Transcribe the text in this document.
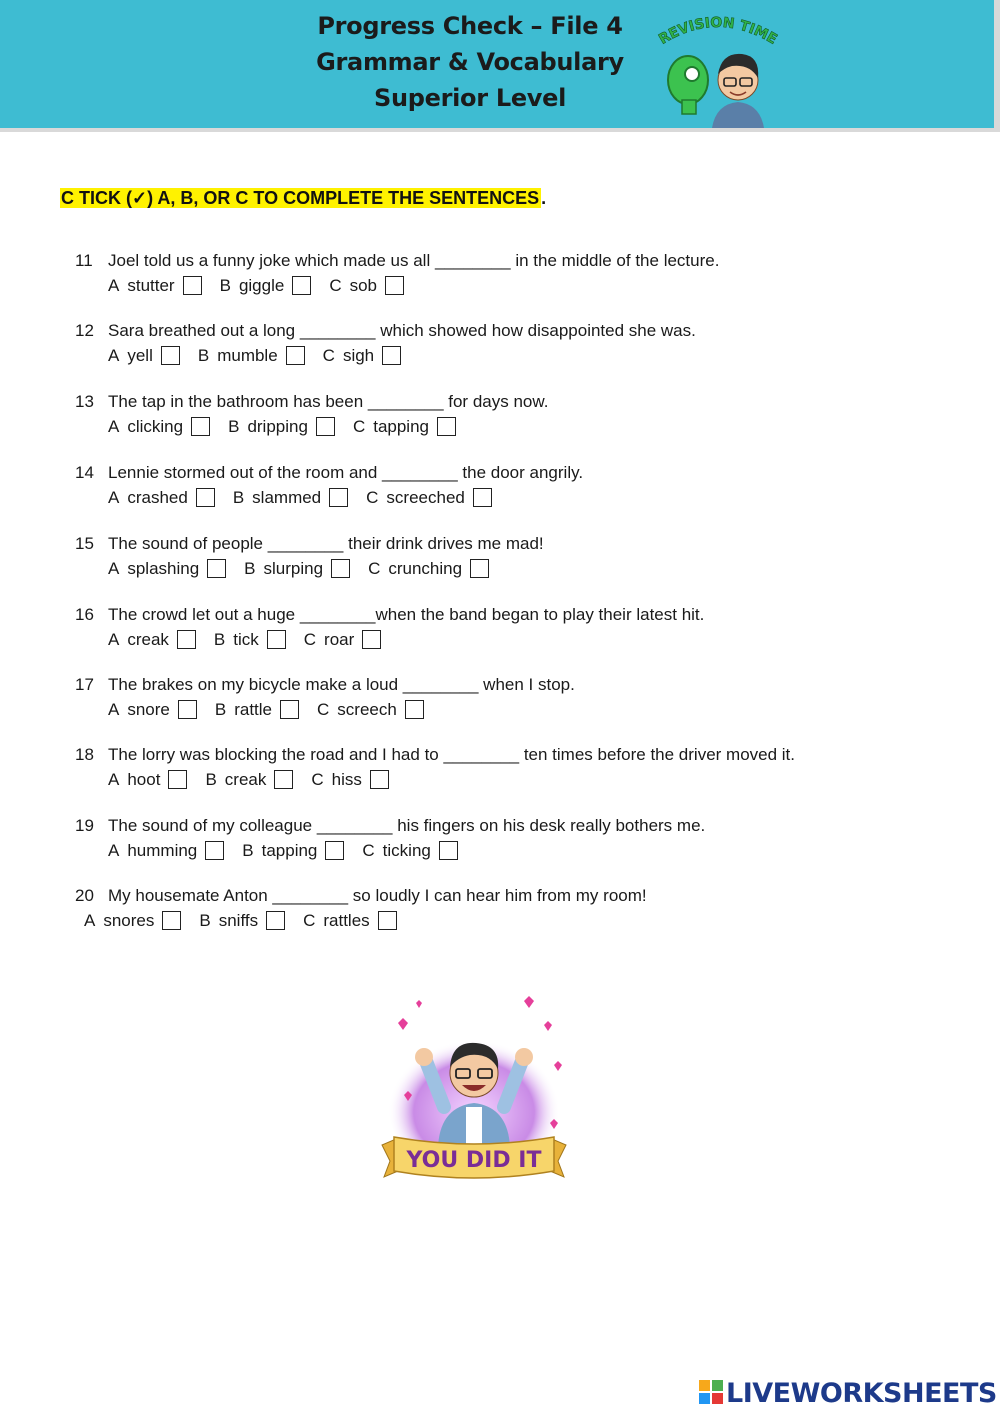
Progress Check – File 4
Grammar & Vocabulary
Superior Level
REVISION TIME
C TICK (✓) A, B, OR C TO COMPLETE THE SENTENCES .
11 Joel told us a funny joke which made us all ________ in the middle of the lecture.
A stutter	B giggle	C sob
12 Sara breathed out a long ________ which showed how disappointed she was.
A yell	B mumble	C sigh
13 The tap in the bathroom has been ________ for days now.
A clicking	B dripping	C tapping
14 Lennie stormed out of the room and ________ the door angrily.
A crashed	B slammed	C screeched
15 The sound of people ________ their drink drives me mad!
A splashing	B slurping	C crunching
16 The crowd let out a huge ________when the band began to play their latest hit.
A creak	B tick	C roar
17 The brakes on my bicycle make a loud ________ when I stop.
A snore	B rattle	C screech
18 The lorry was blocking the road and I had to ________ ten times before the driver moved it.
A hoot	B creak	C hiss
19 The sound of my colleague ________ his fingers on his desk really bothers me.
A humming	B tapping	C ticking
20 My housemate Anton ________ so loudly I can hear him from my room!
A snores	B sniffs	C rattles
YOU DID IT
LIVEWORKSHEETS
